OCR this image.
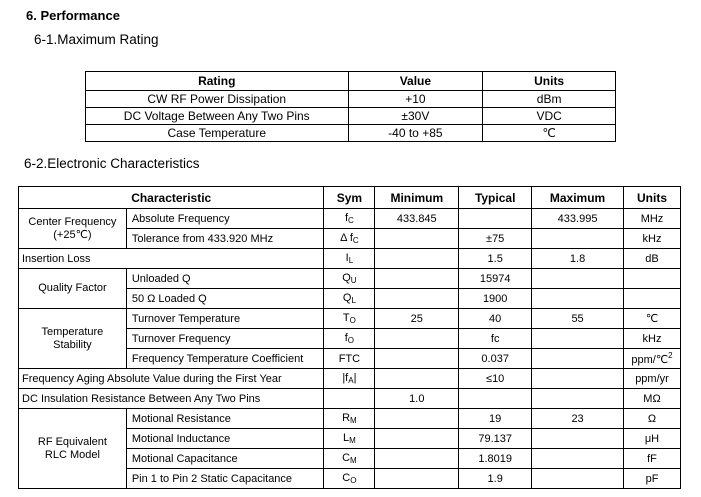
6. Performance
6-1.Maximum Rating
Rating	Value	Units
CW RF Power Dissipation	+10	dBm
DC Voltage Between Any Two Pins	±30V	VDC
Case Temperature	-40 to +85	℃
6-2.Electronic Characteristics
Characteristic		Sym	Minimum	Typical	Maximum	Units

Center Frequency
(+25℃)	Absolute Frequency	$f_C$	433.845		433.995	MHz
	Tolerance from 433.920 MHz	Δ $f_C$		±75		kHz
Insertion Loss		$I_L$		1.5	1.8	dB
Quality Factor	Unloaded Q	$Q_U$		15974		
	50 Ω Loaded Q	$Q_L$		1900		

Temperature
Stability	Turnover Temperature	$T_O$	25	40	55	℃
	Turnover Frequency	$f_O$		fc		kHz
	Frequency Temperature Coefficient	FTC		0.037		ppm/℃$^2$
Frequency Aging Absolute Value during the First Year		$|f_A|$		≤10		ppm/yr
DC Insulation Resistance Between Any Two Pins			1.0			MΩ

RF Equivalent
RLC Model	Motional Resistance	$R_M$		19	23	Ω
	Motional Inductance	$L_M$		79.137		μH
	Motional Capacitance	$C_M$		1.8019		fF
	Pin 1 to Pin 2 Static Capacitance	$C_O$		1.9		pF
